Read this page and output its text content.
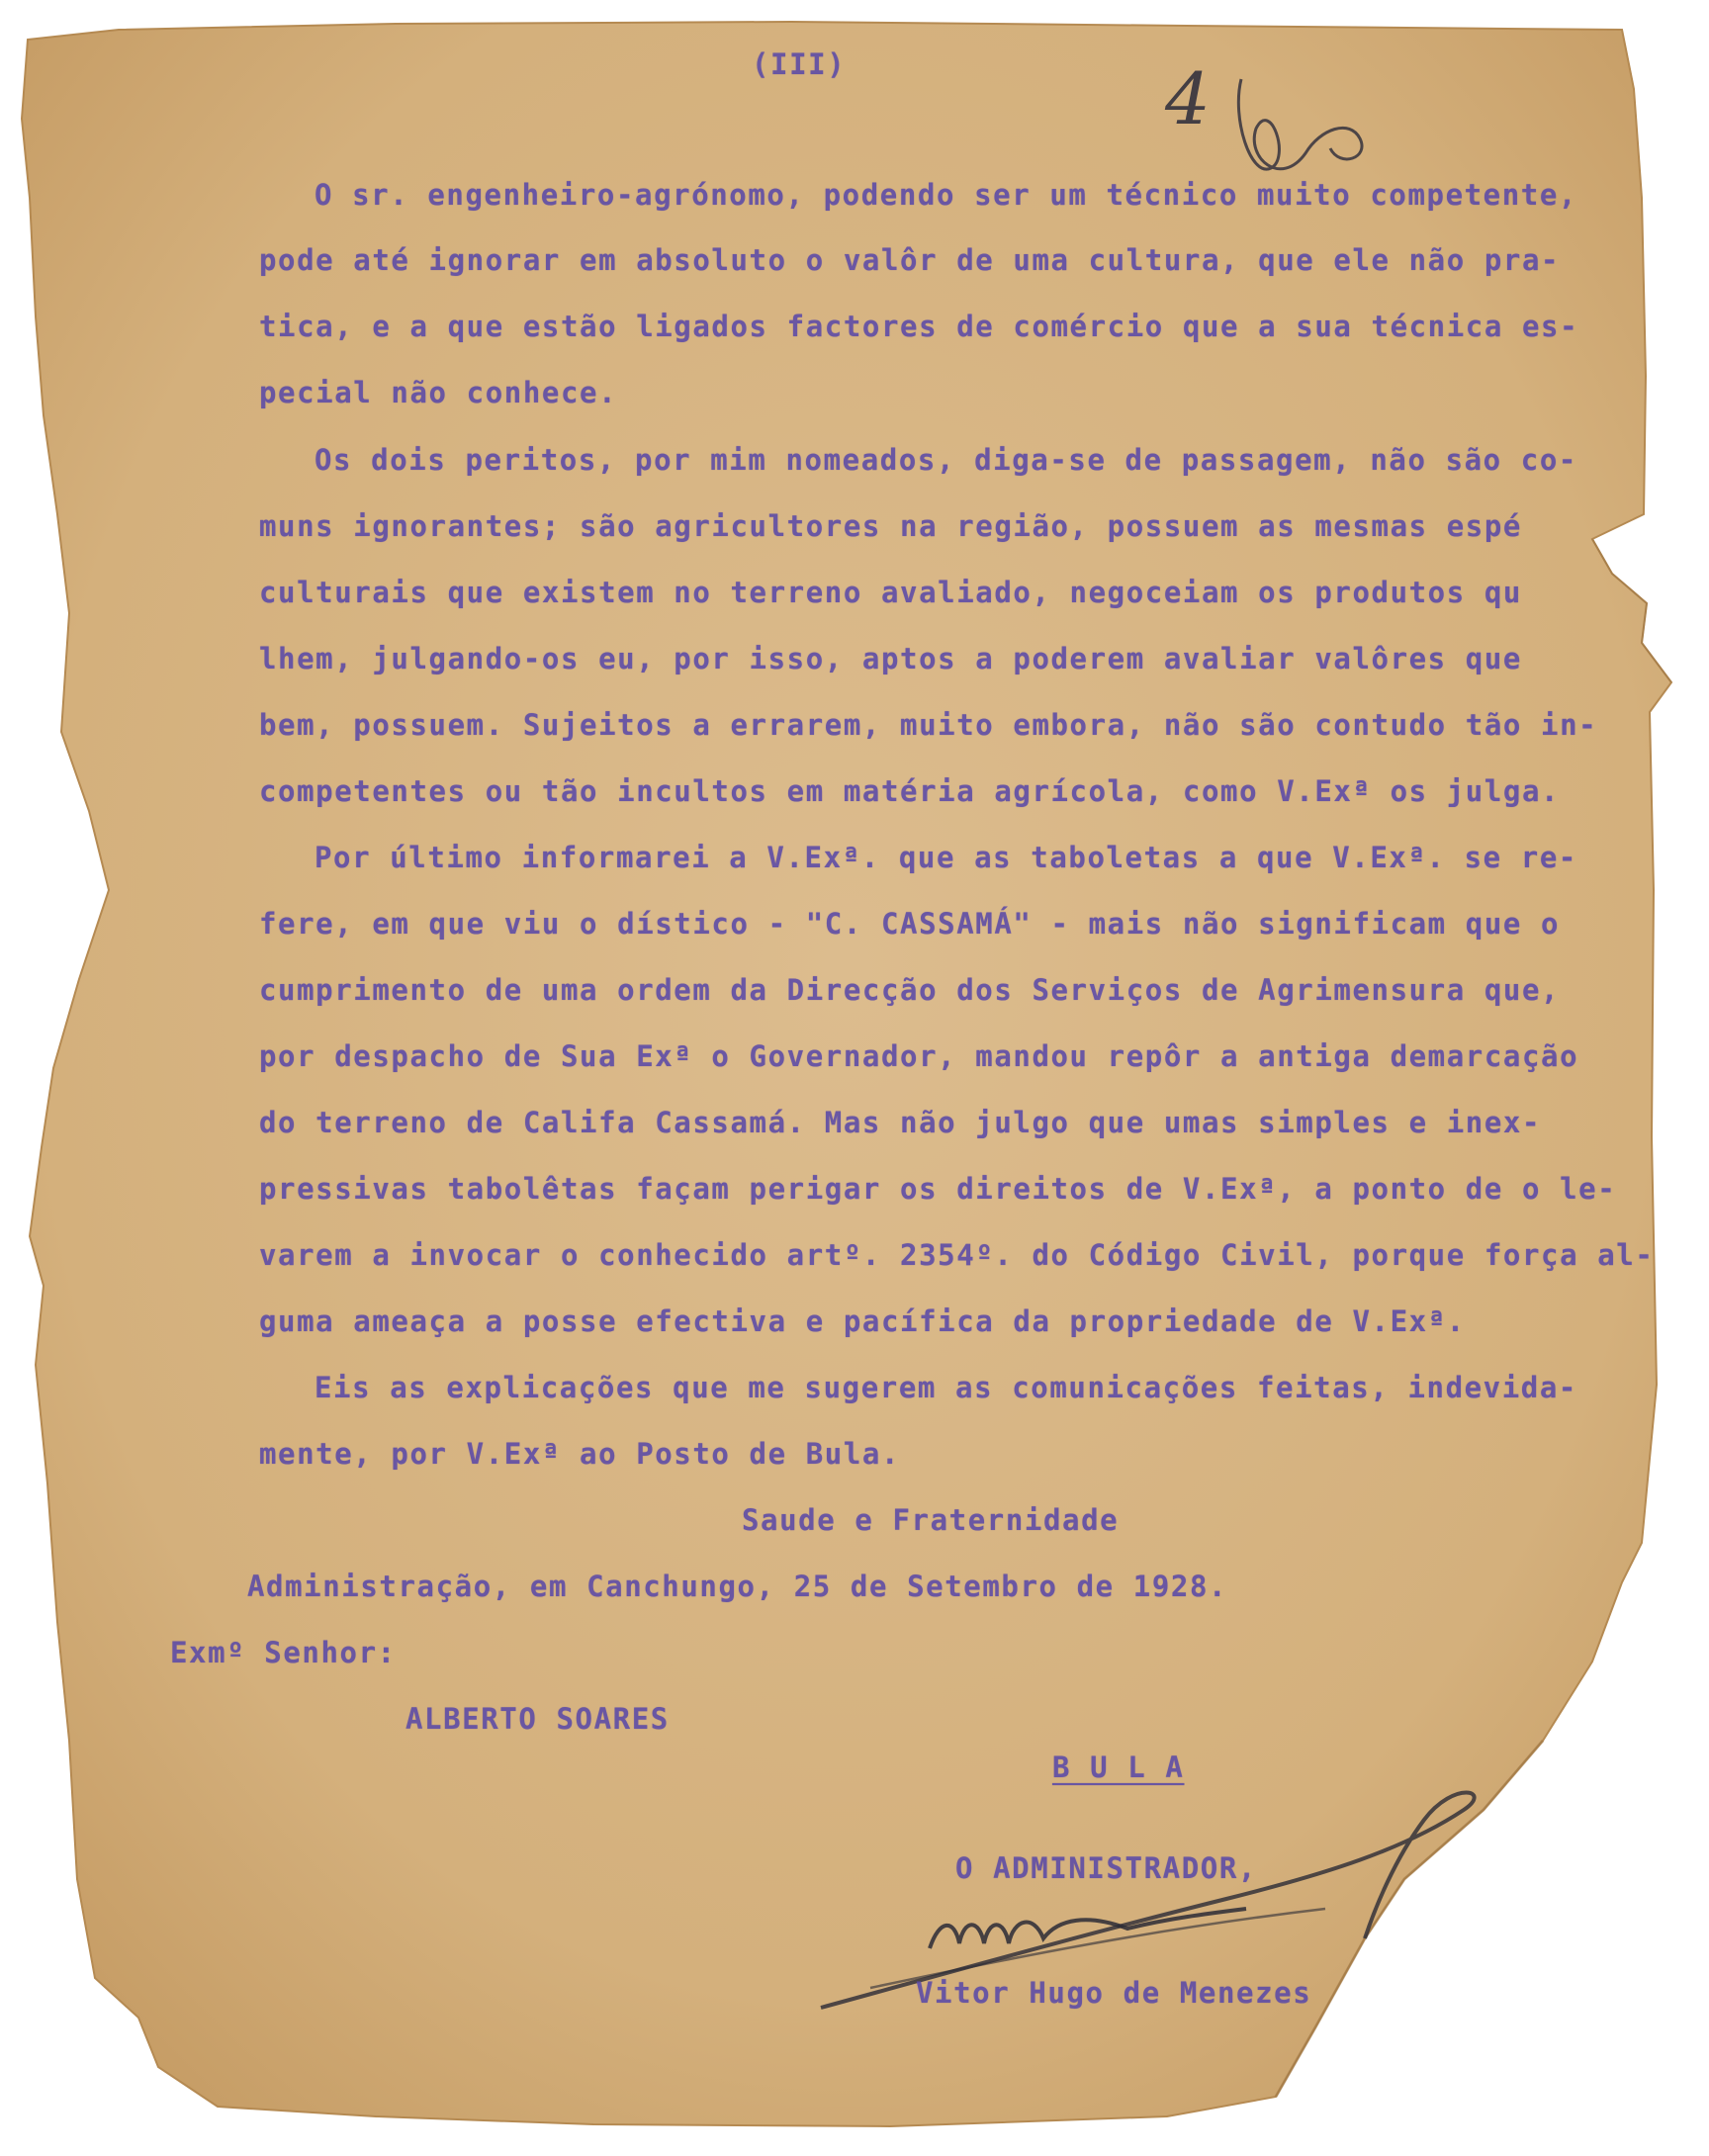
(III)	4
O sr. engenheiro-agrónomo, podendo ser um técnico muito competente,
pode até ignorar em absoluto o valôr de uma cultura, que ele não pra-
tica, e a que estão ligados factores de comércio que a sua técnica es-
pecial não conhece.
Os dois peritos, por mim nomeados, diga-se de passagem, não são co-
muns ignorantes; são agricultores na região, possuem as mesmas espé
culturais que existem no terreno avaliado, negoceiam os produtos qu
lhem, julgando-os eu, por isso, aptos a poderem avaliar valôres que
bem, possuem. Sujeitos a errarem, muito embora, não são contudo tão in-
competentes ou tão incultos em matéria agrícola, como V.Exª os julga.
Por último informarei a V.Exª. que as taboletas a que V.Exª. se re-
fere, em que viu o dístico - "C. CASSAMÁ" - mais não significam que o
cumprimento de uma ordem da Direcção dos Serviços de Agrimensura que,
por despacho de Sua Exª o Governador, mandou repôr a antiga demarcação
do terreno de Califa Cassamá. Mas não julgo que umas simples e inex-
pressivas tabolêtas façam perigar os direitos de V.Exª, a ponto de o le-
varem a invocar o conhecido artº. 2354º. do Código Civil, porque força al-
guma ameaça a posse efectiva e pacífica da propriedade de V.Exª.
Eis as explicações que me sugerem as comunicações feitas, indevida-
mente, por V.Exª ao Posto de Bula.
Saude e Fraternidade
Administração, em Canchungo, 25 de Setembro de 1928.
Exmº Senhor:
ALBERTO SOARES
B U L A
O ADMINISTRADOR,
Vitor Hugo de Menezes
